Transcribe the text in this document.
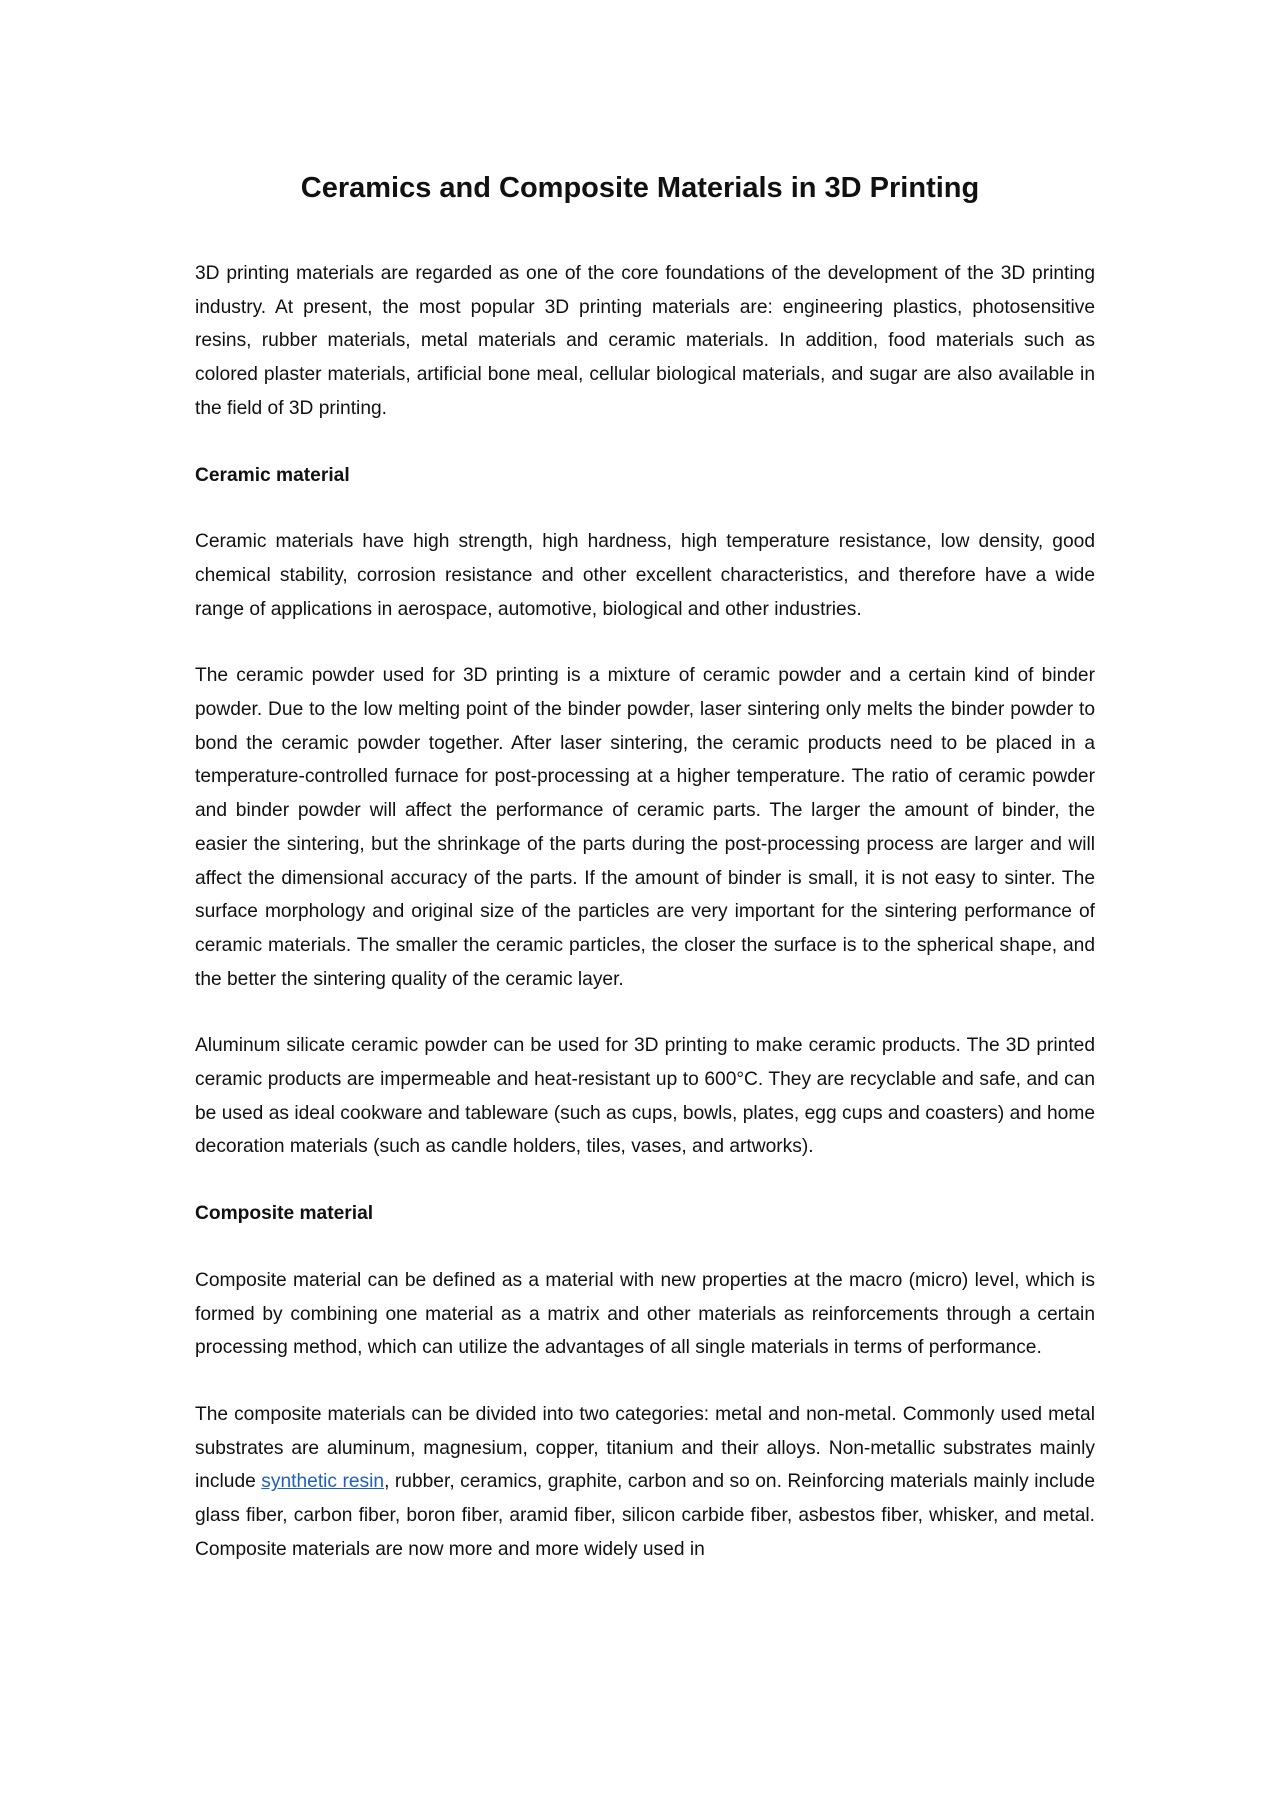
Ceramics and Composite Materials in 3D Printing

3D printing materials are regarded as one of the core foundations of the development of the 3D printing industry. At present, the most popular 3D printing materials are: engineering plastics, photosensitive resins, rubber materials, metal materials and ceramic materials. In addition, food materials such as colored plaster materials, artificial bone meal, cellular biological materials, and sugar are also available in the field of 3D printing.

Ceramic material

Ceramic materials have high strength, high hardness, high temperature resistance, low density, good chemical stability, corrosion resistance and other excellent characteristics, and therefore have a wide range of applications in aerospace, automotive, biological and other industries.

The ceramic powder used for 3D printing is a mixture of ceramic powder and a certain kind of binder powder. Due to the low melting point of the binder powder, laser sintering only melts the binder powder to bond the ceramic powder together. After laser sintering, the ceramic products need to be placed in a temperature-controlled furnace for post-processing at a higher temperature. The ratio of ceramic powder and binder powder will affect the performance of ceramic parts. The larger the amount of binder, the easier the sintering, but the shrinkage of the parts during the post-processing process are larger and will affect the dimensional accuracy of the parts. If the amount of binder is small, it is not easy to sinter. The surface morphology and original size of the particles are very important for the sintering performance of ceramic materials. The smaller the ceramic particles, the closer the surface is to the spherical shape, and the better the sintering quality of the ceramic layer.

Aluminum silicate ceramic powder can be used for 3D printing to make ceramic products. The 3D printed ceramic products are impermeable and heat-resistant up to 600°C. They are recyclable and safe, and can be used as ideal cookware and tableware (such as cups, bowls, plates, egg cups and coasters) and home decoration materials (such as candle holders, tiles, vases, and artworks).

Composite material

Composite material can be defined as a material with new properties at the macro (micro) level, which is formed by combining one material as a matrix and other materials as reinforcements through a certain processing method, which can utilize the advantages of all single materials in terms of performance.

The composite materials can be divided into two categories: metal and non-metal. Commonly used metal substrates are aluminum, magnesium, copper, titanium and their alloys. Non-metallic substrates mainly include synthetic resin, rubber, ceramics, graphite, carbon and so on. Reinforcing materials mainly include glass fiber, carbon fiber, boron fiber, aramid fiber, silicon carbide fiber, asbestos fiber, whisker, and metal. Composite materials are now more and more widely used in
